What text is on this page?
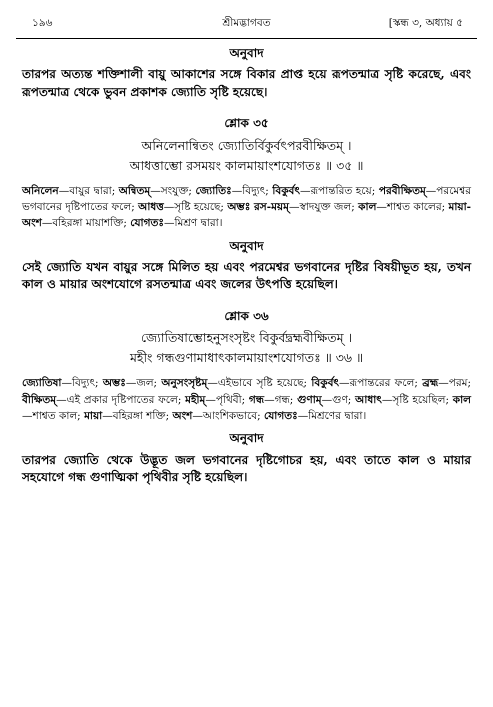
১৯৬	শ্রীমদ্ভাগবত	[স্কন্ধ ৩, অধ্যায় ৫
অনুবাদ
তারপর অত্যন্ত শক্তিশালী বায়ু আকাশের সঙ্গে বিকার প্রাপ্ত হয়ে রূপতন্মাত্র সৃষ্টি করেছে, এবং রূপতন্মাত্র থেকে ভুবন প্রকাশক জ্যোতি সৃষ্টি হয়েছে।
শ্লোক ৩৫
অনিলেনান্বিতং জ্যোতির্বিকুর্বৎপরবীক্ষিতম্ ।
আধত্তাম্ভো রসময়ং কালমায়াংশযোগতঃ ॥ ৩৫ ॥
অনিলেন—বায়ুর দ্বারা; অন্বিতম্—সংযুক্ত; জ্যোতিঃ—বিদ্যুৎ; বিকুর্বৎ—রূপান্তরিত হয়ে; পরবীক্ষিতম্—পরমেশ্বর ভগবানের দৃষ্টিপাতের ফলে; আধত্ত—সৃষ্টি হয়েছে; অম্ভঃ রস-ময়ম্—স্বাদযুক্ত জল; কাল—শাশ্বত কালের; মায়া-অংশ—বহিরঙ্গা মায়াশক্তি; যোগতঃ—মিশ্রণ দ্বারা।
অনুবাদ
সেই জ্যোতি যখন বায়ুর সঙ্গে মিলিত হয় এবং পরমেশ্বর ভগবানের দৃষ্টির বিষয়ীভূত হয়, তখন কাল ও মায়ার অংশযোগে রসতন্মাত্র এবং জলের উৎপত্তি হয়েছিল।
শ্লোক ৩৬
জ্যোতিষাম্ভোহনুসংসৃষ্টং বিকুর্বদ্ব্রহ্মবীক্ষিতম্ ।
মহীং গন্ধগুণামাধাৎকালমায়াংশযোগতঃ ॥ ৩৬ ॥
জ্যোতিষা—বিদ্যুৎ; অম্ভঃ—জল; অনুসংসৃষ্টম্—এইভাবে সৃষ্টি হয়েছে; বিকুর্বৎ—রূপান্তরের ফলে; ব্রহ্ম—পরম; বীক্ষিতম্—এই প্রকার দৃষ্টিপাতের ফলে; মহীম্—পৃথিবী; গন্ধ—গন্ধ; গুণাম্—গুণ; আধাৎ—সৃষ্টি হয়েছিল; কাল—শাশ্বত কাল; মায়া—বহিরঙ্গা শক্তি; অংশ—আংশিকভাবে; যোগতঃ—মিশ্রণের দ্বারা।
অনুবাদ
তারপর জ্যোতি থেকে উদ্ভূত জল ভগবানের দৃষ্টিগোচর হয়, এবং তাতে কাল ও মায়ার সহযোগে গন্ধ গুণাত্মিকা পৃথিবীর সৃষ্টি হয়েছিল।
